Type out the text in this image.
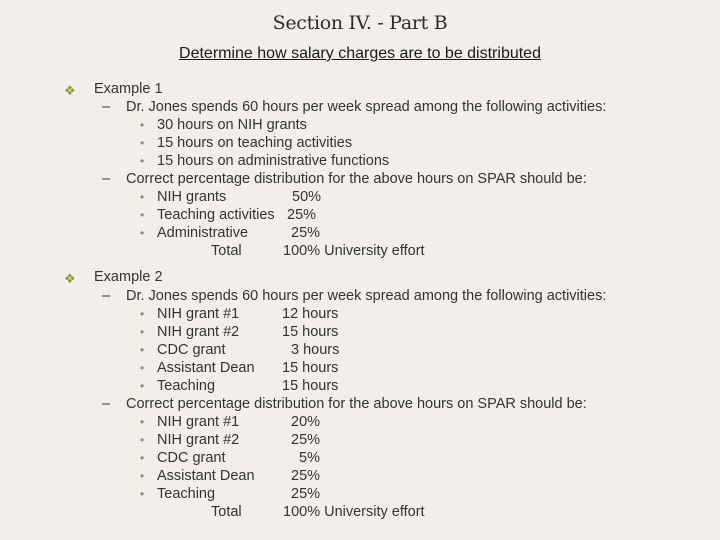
Section IV. - Part B
Determine how salary charges are to be distributed
❖ Example 1
– Dr. Jones spends 60 hours per week spread among the following activities:
• 30 hours on NIH grants
• 15 hours on teaching activities
• 15 hours on administrative functions
– Correct percentage distribution for the above hours on SPAR should be:
• NIH grants	50%
• Teaching activities 25%
• Administrative	25%
Total	100% University effort
❖ Example 2
– Dr. Jones spends 60 hours per week spread among the following activities:
• NIH grant #1	12 hours
• NIH grant #2	15 hours
• CDC grant	3 hours
• Assistant Dean 15 hours
• Teaching	15 hours
– Correct percentage distribution for the above hours on SPAR should be:
• NIH grant #1	20%
• NIH grant #2	25%
• CDC grant	5%
• Assistant Dean	25%
• Teaching	25%
Total	100% University effort
